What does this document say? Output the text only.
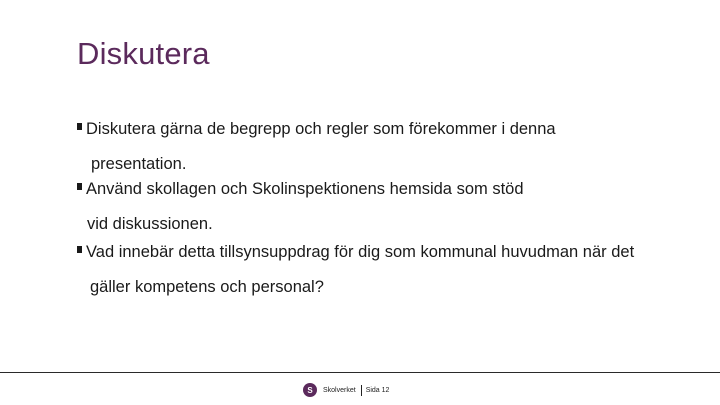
Diskutera
Diskutera gärna de begrepp och regler som förekommer i denna
presentation.
Använd skollagen och Skolinspektionens hemsida som stöd
vid diskussionen.
Vad innebär detta tillsynsuppdrag för dig som kommunal huvudman när det
gäller kompetens och personal?
S	Skolverket Sida 12
